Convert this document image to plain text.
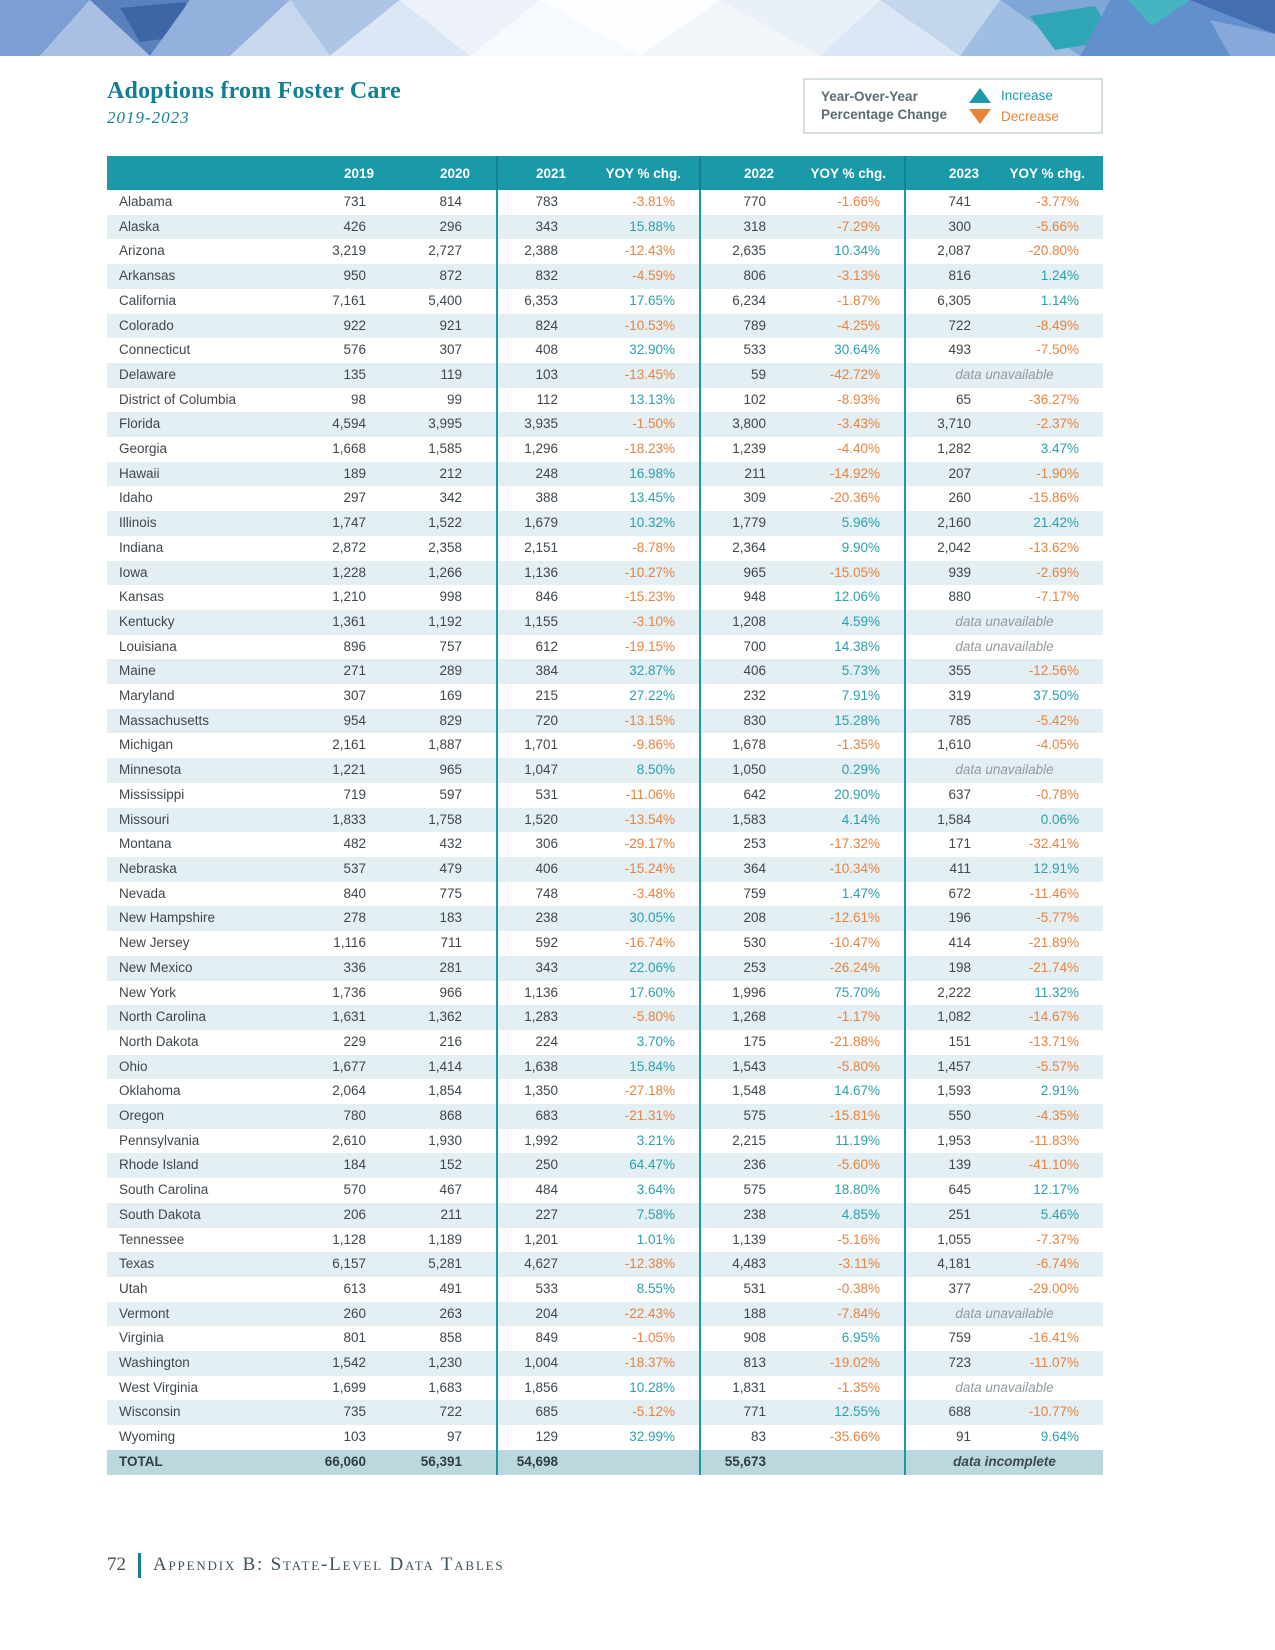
Adoptions from Foster Care
2019-2023
Year-Over-Year
Percentage Change
Increase
Decrease
	2019	2020	2021	YOY % chg.	2022	YOY % chg.	2023	YOY % chg.
Alabama	731	814	783	-3.81%	770	-1.66%	741	-3.77%
Alaska	426	296	343	15.88%	318	-7.29%	300	-5.66%
Arizona	3,219	2,727	2,388	-12.43%	2,635	10.34%	2,087	-20.80%
Arkansas	950	872	832	-4.59%	806	-3.13%	816	1.24%
California	7,161	5,400	6,353	17.65%	6,234	-1.87%	6,305	1.14%
Colorado	922	921	824	-10.53%	789	-4.25%	722	-8.49%
Connecticut	576	307	408	32.90%	533	30.64%	493	-7.50%
Delaware	135	119	103	-13.45%	59	-42.72%	data unavailable	
District of Columbia	98	99	112	13.13%	102	-8.93%	65	-36.27%
Florida	4,594	3,995	3,935	-1.50%	3,800	-3.43%	3,710	-2.37%
Georgia	1,668	1,585	1,296	-18.23%	1,239	-4.40%	1,282	3.47%
Hawaii	189	212	248	16.98%	211	-14.92%	207	-1.90%
Idaho	297	342	388	13.45%	309	-20.36%	260	-15.86%
Illinois	1,747	1,522	1,679	10.32%	1,779	5.96%	2,160	21.42%
Indiana	2,872	2,358	2,151	-8.78%	2,364	9.90%	2,042	-13.62%
Iowa	1,228	1,266	1,136	-10.27%	965	-15.05%	939	-2.69%
Kansas	1,210	998	846	-15.23%	948	12.06%	880	-7.17%
Kentucky	1,361	1,192	1,155	-3.10%	1,208	4.59%	data unavailable	
Louisiana	896	757	612	-19.15%	700	14.38%	data unavailable	
Maine	271	289	384	32.87%	406	5.73%	355	-12.56%
Maryland	307	169	215	27.22%	232	7.91%	319	37.50%
Massachusetts	954	829	720	-13.15%	830	15.28%	785	-5.42%
Michigan	2,161	1,887	1,701	-9.86%	1,678	-1.35%	1,610	-4.05%
Minnesota	1,221	965	1,047	8.50%	1,050	0.29%	data unavailable	
Mississippi	719	597	531	-11.06%	642	20.90%	637	-0.78%
Missouri	1,833	1,758	1,520	-13.54%	1,583	4.14%	1,584	0.06%
Montana	482	432	306	-29.17%	253	-17.32%	171	-32.41%
Nebraska	537	479	406	-15.24%	364	-10.34%	411	12.91%
Nevada	840	775	748	-3.48%	759	1.47%	672	-11.46%
New Hampshire	278	183	238	30.05%	208	-12.61%	196	-5.77%
New Jersey	1,116	711	592	-16.74%	530	-10.47%	414	-21.89%
New Mexico	336	281	343	22.06%	253	-26.24%	198	-21.74%
New York	1,736	966	1,136	17.60%	1,996	75.70%	2,222	11.32%
North Carolina	1,631	1,362	1,283	-5.80%	1,268	-1.17%	1,082	-14.67%
North Dakota	229	216	224	3.70%	175	-21.88%	151	-13.71%
Ohio	1,677	1,414	1,638	15.84%	1,543	-5.80%	1,457	-5.57%
Oklahoma	2,064	1,854	1,350	-27.18%	1,548	14.67%	1,593	2.91%
Oregon	780	868	683	-21.31%	575	-15.81%	550	-4.35%
Pennsylvania	2,610	1,930	1,992	3.21%	2,215	11.19%	1,953	-11.83%
Rhode Island	184	152	250	64.47%	236	-5.60%	139	-41.10%
South Carolina	570	467	484	3.64%	575	18.80%	645	12.17%
South Dakota	206	211	227	7.58%	238	4.85%	251	5.46%
Tennessee	1,128	1,189	1,201	1.01%	1,139	-5.16%	1,055	-7.37%
Texas	6,157	5,281	4,627	-12.38%	4,483	-3.11%	4,181	-6.74%
Utah	613	491	533	8.55%	531	-0.38%	377	-29.00%
Vermont	260	263	204	-22.43%	188	-7.84%	data unavailable	
Virginia	801	858	849	-1.05%	908	6.95%	759	-16.41%
Washington	1,542	1,230	1,004	-18.37%	813	-19.02%	723	-11.07%
West Virginia	1,699	1,683	1,856	10.28%	1,831	-1.35%	data unavailable	
Wisconsin	735	722	685	-5.12%	771	12.55%	688	-10.77%
Wyoming	103	97	129	32.99%	83	-35.66%	91	9.64%
TOTAL	66,060	56,391	54,698		55,673		data incomplete	
72 Appendix B: State-Level Data Tables
